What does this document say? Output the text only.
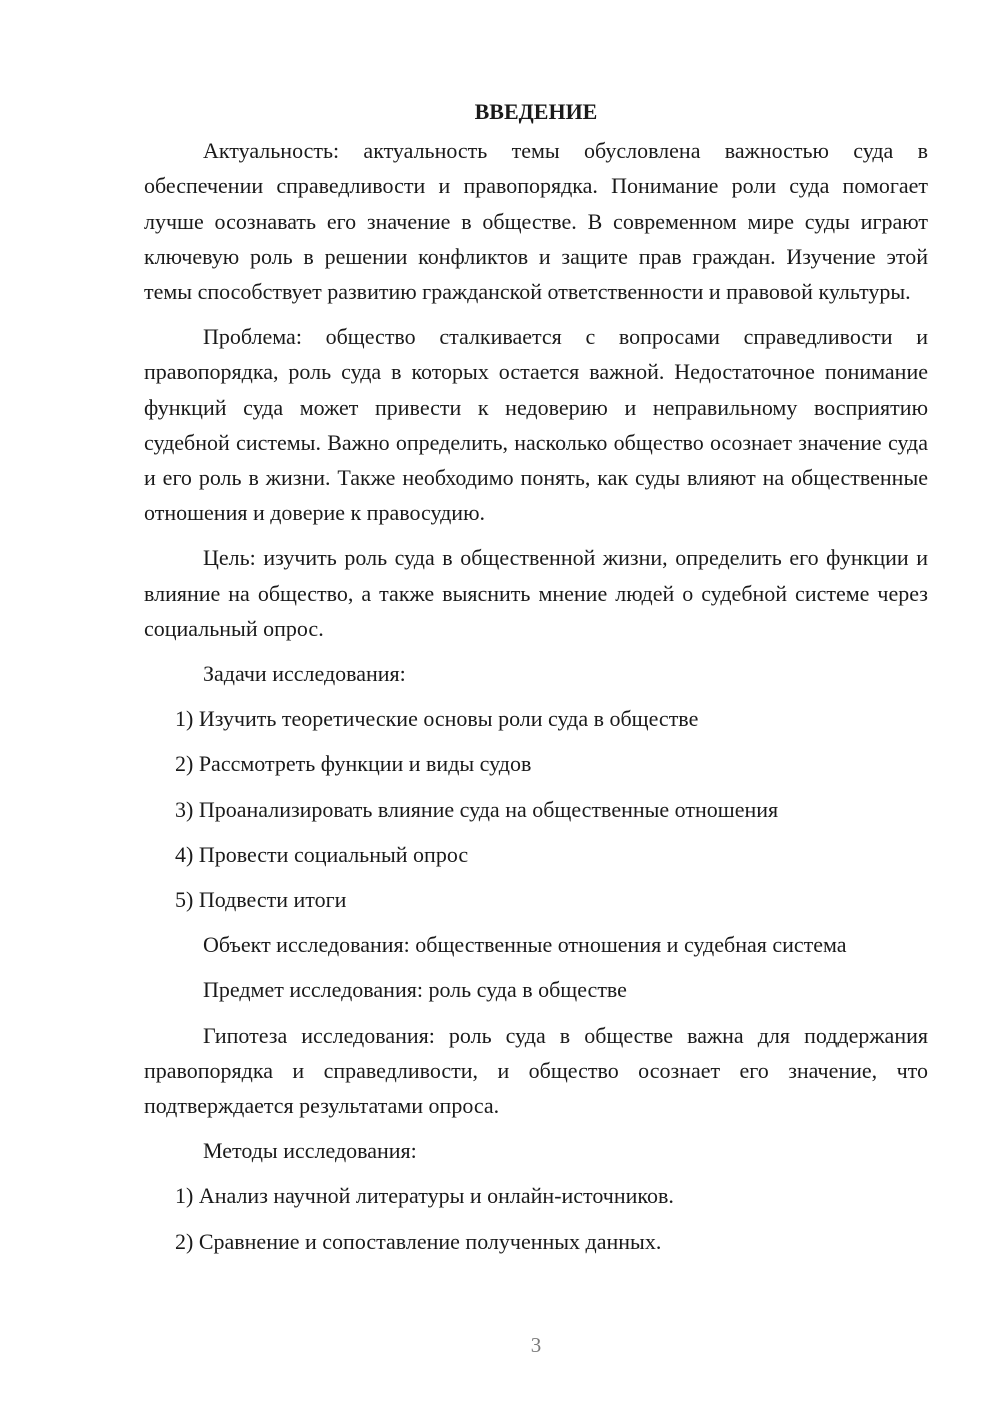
ВВЕДЕНИЕ

Актуальность: актуальность темы обусловлена важностью суда в обеспечении справедливости и правопорядка. Понимание роли суда помогает лучше осознавать его значение в обществе. В современном мире суды играют ключевую роль в решении конфликтов и защите прав граждан. Изучение этой темы способствует развитию гражданской ответственности и правовой культуры.

Проблема: общество сталкивается с вопросами справедливости и правопорядка, роль суда в которых остается важной. Недостаточное понимание функций суда может привести к недоверию и неправильному восприятию судебной системы. Важно определить, насколько общество осознает значение суда и его роль в жизни. Также необходимо понять, как суды влияют на общественные отношения и доверие к правосудию.

Цель: изучить роль суда в общественной жизни, определить его функции и влияние на общество, а также выяснить мнение людей о судебной системе через социальный опрос.

Задачи исследования:
1) Изучить теоретические основы роли суда в обществе
2) Рассмотреть функции и виды судов
3) Проанализировать влияние суда на общественные отношения
4) Провести социальный опрос
5) Подвести итоги
Объект исследования: общественные отношения и судебная система
Предмет исследования: роль суда в обществе

Гипотеза исследования: роль суда в обществе важна для поддержания правопорядка и справедливости, и общество осознает его значение, что подтверждается результатами опроса.

Методы исследования:
1) Анализ научной литературы и онлайн-источников.
2) Сравнение и сопоставление полученных данных.
3
